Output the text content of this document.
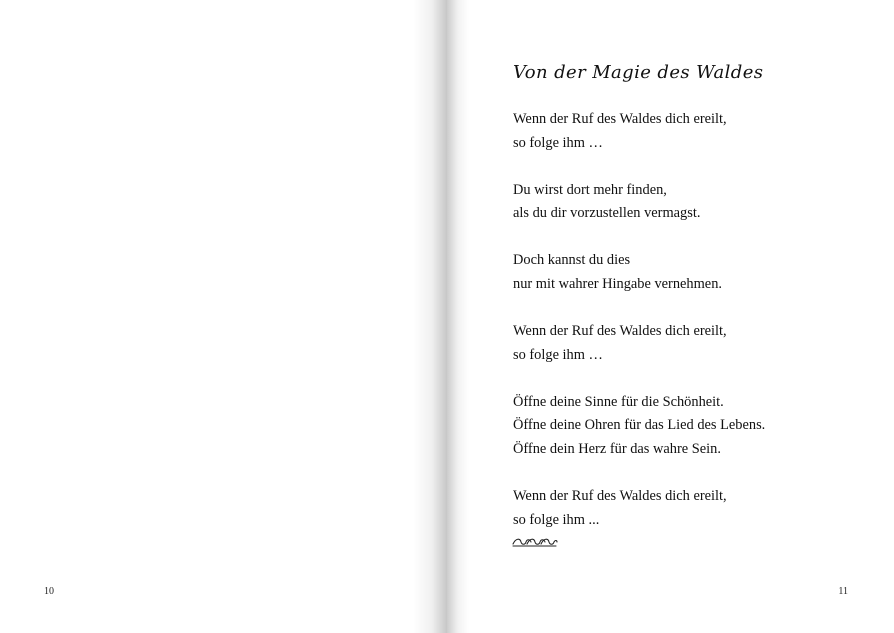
10
Von der Magie des Waldes
Wenn der Ruf des Waldes dich ereilt,
so folge ihm …
Du wirst dort mehr finden,
als du dir vorzustellen vermagst.
Doch kannst du dies
nur mit wahrer Hingabe vernehmen.
Wenn der Ruf des Waldes dich ereilt,
so folge ihm …
Öffne deine Sinne für die Schönheit.
Öffne deine Ohren für das Lied des Lebens.
Öffne dein Herz für das wahre Sein.
Wenn der Ruf des Waldes dich ereilt,
so folge ihm ...
11
